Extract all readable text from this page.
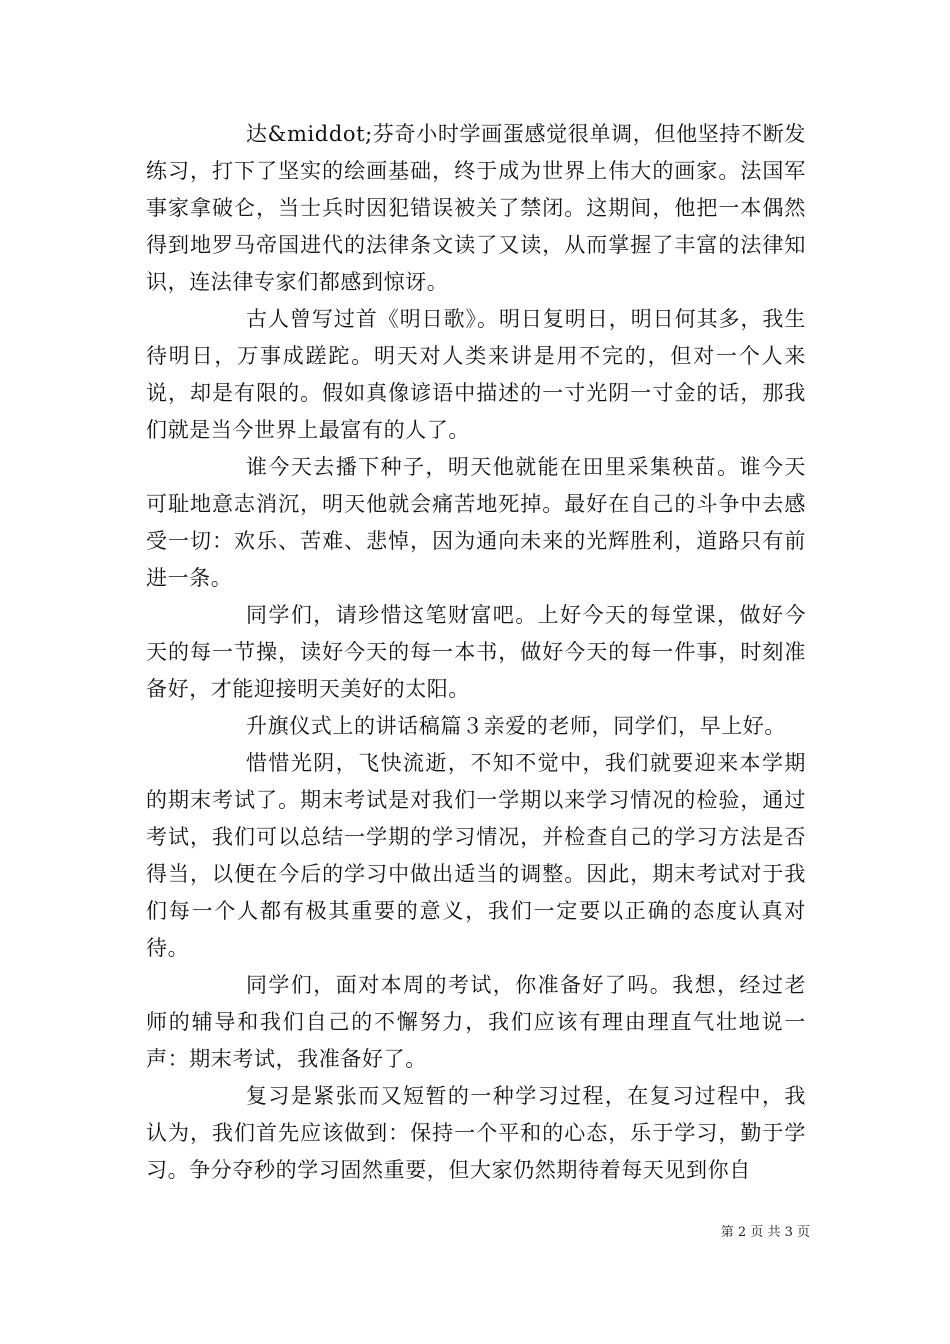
达&middot;芬奇小时学画蛋感觉很单调，但他坚持不断发练习，打下了坚实的绘画基础，终于成为世界上伟大的画家。法国军事家拿破仑，当士兵时因犯错误被关了禁闭。这期间，他把一本偶然得到地罗马帝国进代的法律条文读了又读，从而掌握了丰富的法律知识，连法律专家们都感到惊讶。

古人曾写过首《明日歌》。明日复明日，明日何其多，我生待明日，万事成蹉跎。明天对人类来讲是用不完的，但对一个人来说，却是有限的。假如真像谚语中描述的一寸光阴一寸金的话，那我们就是当今世界上最富有的人了。

谁今天去播下种子，明天他就能在田里采集秧苗。谁今天可耻地意志消沉，明天他就会痛苦地死掉。最好在自己的斗争中去感受一切：欢乐、苦难、悲悼，因为通向未来的光辉胜利，道路只有前进一条。

同学们，请珍惜这笔财富吧。上好今天的每堂课，做好今天的每一节操，读好今天的每一本书，做好今天的每一件事，时刻准备好，才能迎接明天美好的太阳。

升旗仪式上的讲话稿篇３亲爱的老师，同学们，早上好。

惜惜光阴，飞快流逝，不知不觉中，我们就要迎来本学期的期末考试了。期末考试是对我们一学期以来学习情况的检验，通过考试，我们可以总结一学期的学习情况，并检查自己的学习方法是否得当，以便在今后的学习中做出适当的调整。因此，期末考试对于我们每一个人都有极其重要的意义，我们一定要以正确的态度认真对待。

同学们，面对本周的考试，你准备好了吗。我想，经过老师的辅导和我们自己的不懈努力，我们应该有理由理直气壮地说一声：期末考试，我准备好了。

复习是紧张而又短暂的一种学习过程，在复习过程中，我认为，我们首先应该做到：保持一个平和的心态，乐于学习，勤于学习。争分夺秒的学习固然重要，但大家仍然期待着每天见到你自

第 2 页 共 3 页
